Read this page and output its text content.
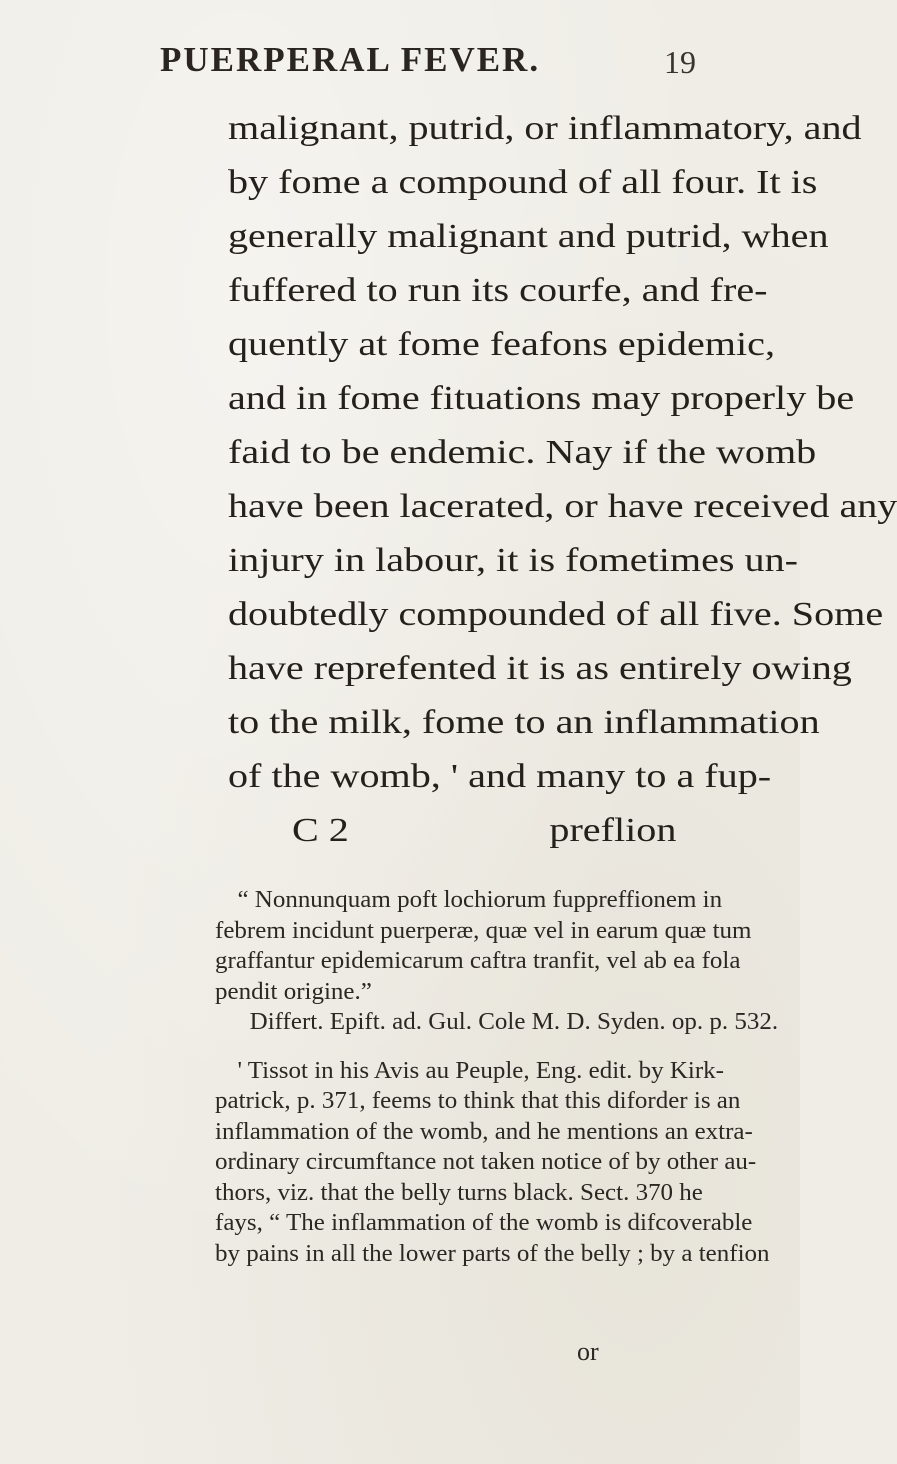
PUERPERAL FEVER.	19
malignant, putrid, or inflammatory, and
by fome a compound of all four. It is
generally malignant and putrid, when
fuffered to run its courfe, and fre-
quently at fome feafons epidemic,
and in fome fituations may properly be
faid to be endemic. Nay if the womb
have been lacerated, or have received any
injury in labour, it is fometimes un-
doubtedly compounded of all five. Some
have reprefented it is as entirely owing
to the milk, fome to an inflammation
of the womb, ' and many to a fup-
C 2                    preflion
“ Nonnunquam poft lochiorum fuppreffionem in
febrem incidunt puerperæ, quæ vel in earum quæ tum
graffantur epidemicarum caftra tranfit, vel ab ea fola
pendit origine.”
Differt. Epift. ad. Gul. Cole M. D. Syden. op. p. 532.
' Tissot in his Avis au Peuple, Eng. edit. by Kirk-
patrick, p. 371, feems to think that this diforder is an
inflammation of the womb, and he mentions an extra-
ordinary circumftance not taken notice of by other au-
thors, viz. that the belly turns black. Sect. 370 he
fays, “ The inflammation of the womb is difcoverable
by pains in all the lower parts of the belly ; by a tenfion
or
